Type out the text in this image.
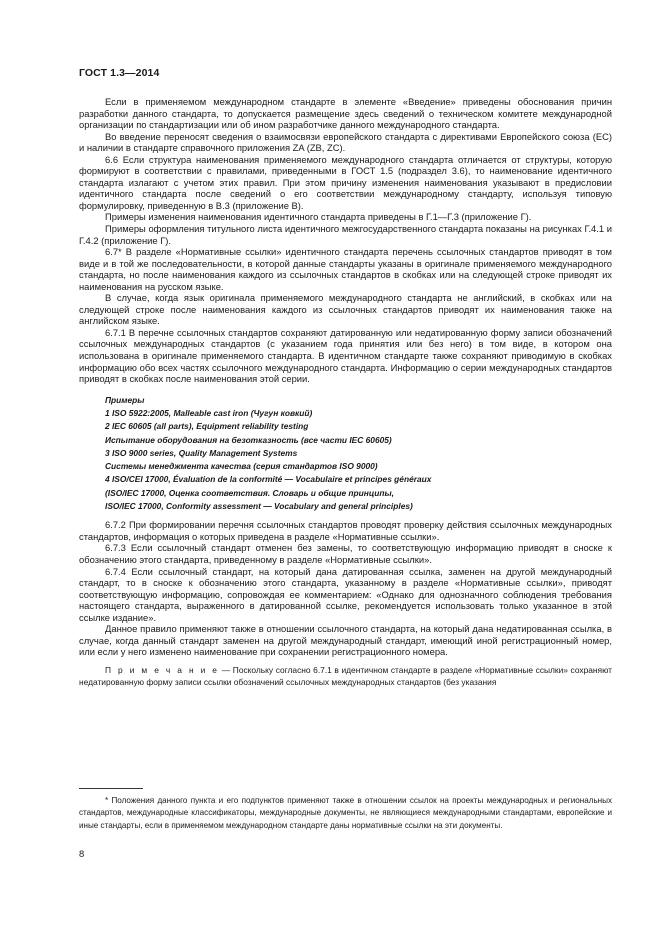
ГОСТ 1.3—2014

Если в применяемом международном стандарте в элементе «Введение» приведены обоснования причин разработки данного стандарта, то допускается размещение здесь сведений о техническом комитете международной организации по стандартизации или об ином разработчике данного международного стандарта.

Во введение переносят сведения о взаимосвязи европейского стандарта с директивами Европейского союза (ЕС) и наличии в стандарте справочного приложения ZA (ZB, ZC).

6.6 Если структура наименования применяемого международного стандарта отличается от структуры, которую формируют в соответствии с правилами, приведенными в ГОСТ 1.5 (подраздел 3.6), то наименование идентичного стандарта излагают с учетом этих правил. При этом причину изменения наименования указывают в предисловии идентичного стандарта после сведений о его соответствии международному стандарту, используя типовую формулировку, приведенную в В.3 (приложение В).

Примеры изменения наименования идентичного стандарта приведены в Г.1—Г.3 (приложение Г).

Примеры оформления титульного листа идентичного межгосударственного стандарта показаны на рисунках Г.4.1 и Г.4.2 (приложение Г).

6.7* В разделе «Нормативные ссылки» идентичного стандарта перечень ссылочных стандартов приводят в том виде и в той же последовательности, в которой данные стандарты указаны в оригинале применяемого международного стандарта, но после наименования каждого из ссылочных стандартов в скобках или на следующей строке приводят их наименования на русском языке.

В случае, когда язык оригинала применяемого международного стандарта не английский, в скобках или на следующей строке после наименования каждого из ссылочных стандартов приводят их наименования также на английском языке.

6.7.1 В перечне ссылочных стандартов сохраняют датированную или недатированную форму записи обозначений ссылочных международных стандартов (с указанием года принятия или без него) в том виде, в котором она использована в оригинале применяемого стандарта. В идентичном стандарте также сохраняют приводимую в скобках информацию обо всех частях ссылочного международного стандарта. Информацию о серии международных стандартов приводят в скобках после наименования этой серии.

Примеры

1 ISO 5922:2005, Malleable cast iron (Чугун ковкий)

2 IEC 60605 (all parts), Equipment reliability testing

Испытание оборудования на безотказность (все части IEC 60605)

3 ISO 9000 series, Quality Management Systems

Системы менеджмента качества (серия стандартов ISO 9000)

4 ISO/CEI 17000, Évaluation de la conformité — Vocabulaire et principes généraux

(ISO/IEC 17000, Оценка соответствия. Словарь и общие принципы,

ISO/IEC 17000, Conformity assessment — Vocabulary and general principles)

6.7.2 При формировании перечня ссылочных стандартов проводят проверку действия ссылочных международных стандартов, информация о которых приведена в разделе «Нормативные ссылки».

6.7.3 Если ссылочный стандарт отменен без замены, то соответствующую информацию приводят в сноске к обозначению этого стандарта, приведенному в разделе «Нормативные ссылки».

6.7.4 Если ссылочный стандарт, на который дана датированная ссылка, заменен на другой международный стандарт, то в сноске к обозначению этого стандарта, указанному в разделе «Нормативные ссылки», приводят соответствующую информацию, сопровождая ее комментарием: «Однако для однозначного соблюдения требования настоящего стандарта, выраженного в датированной ссылке, рекомендуется использовать только указанное в этой ссылке издание».

Данное правило применяют также в отношении ссылочного стандарта, на который дана недатированная ссылка, в случае, когда данный стандарт заменен на другой международный стандарт, имеющий иной регистрационный номер, или если у него изменено наименование при сохранении регистрационного номера.

П р и м е ч а н и е — Поскольку согласно 6.7.1 в идентичном стандарте в разделе «Нормативные ссылки» сохраняют недатированную форму записи ссылки обозначений ссылочных международных стандартов (без указания

* Положения данного пункта и его подпунктов применяют также в отношении ссылок на проекты международных и региональных стандартов, международные классификаторы, международные документы, не являющиеся международными стандартами, европейские и иные стандарты, если в применяемом международном стандарте даны нормативные ссылки на эти документы.

8
